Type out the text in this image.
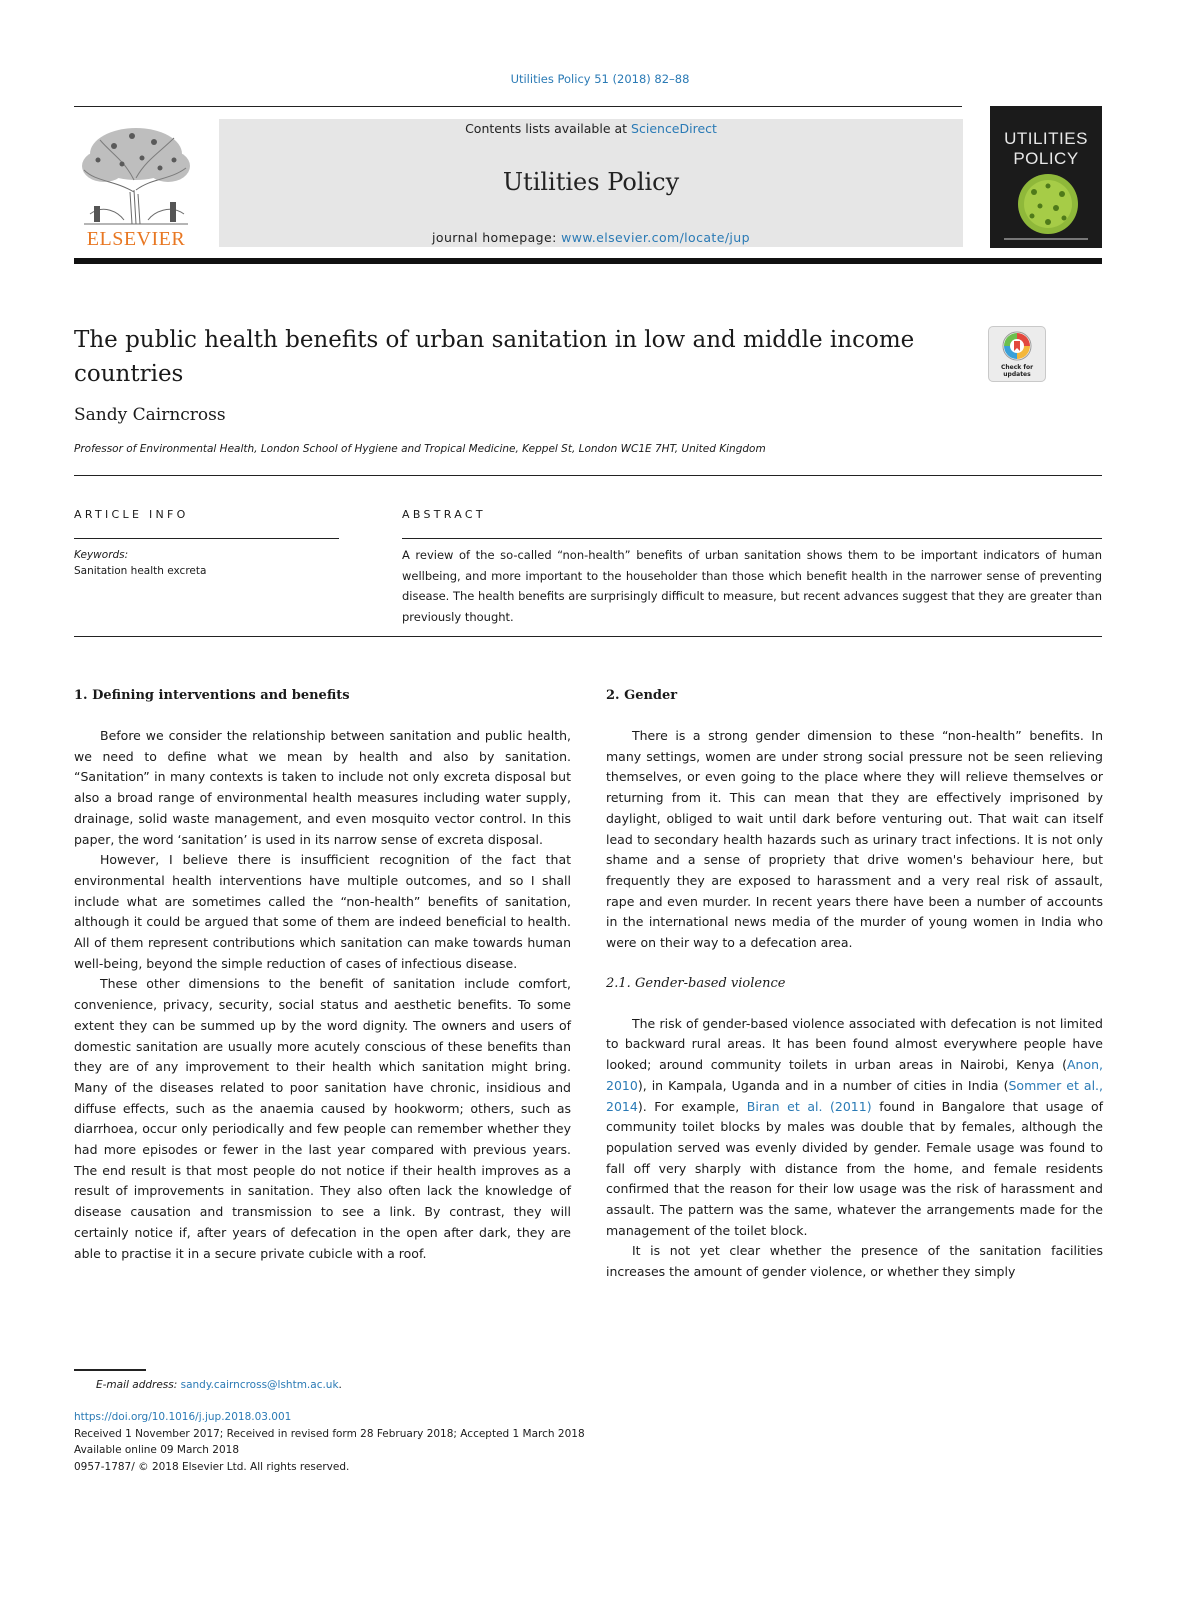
Utilities Policy 51 (2018) 82–88
ELSEVIER
Contents lists available at ScienceDirect
Utilities Policy
journal homepage: www.elsevier.com/locate/jup
UTILITIES
POLICY
The public health benefits of urban sanitation in low and middle income countries	Check for
updates
Sandy Cairncross
Professor of Environmental Health, London School of Hygiene and Tropical Medicine, Keppel St, London WC1E 7HT, United Kingdom
ARTICLE INFO
Keywords:
Sanitation health excreta
ABSTRACT
A review of the so-called “non-health” benefits of urban sanitation shows them to be important indicators of human wellbeing, and more important to the householder than those which benefit health in the narrower sense of preventing disease. The health benefits are surprisingly difficult to measure, but recent advances suggest that they are greater than previously thought.
1. Defining interventions and benefits

Before we consider the relationship between sanitation and public health, we need to define what we mean by health and also by sanitation. “Sanitation” in many contexts is taken to include not only excreta disposal but also a broad range of environmental health measures including water supply, drainage, solid waste management, and even mosquito vector control. In this paper, the word ‘sanitation’ is used in its narrow sense of excreta disposal.

However, I believe there is insufficient recognition of the fact that environmental health interventions have multiple outcomes, and so I shall include what are sometimes called the “non-health” benefits of sanitation, although it could be argued that some of them are indeed beneficial to health. All of them represent contributions which sanitation can make towards human well-being, beyond the simple reduction of cases of infectious disease.

These other dimensions to the benefit of sanitation include comfort, convenience, privacy, security, social status and aesthetic benefits. To some extent they can be summed up by the word dignity. The owners and users of domestic sanitation are usually more acutely conscious of these benefits than they are of any improvement to their health which sanitation might bring. Many of the diseases related to poor sanitation have chronic, insidious and diffuse effects, such as the anaemia caused by hookworm; others, such as diarrhoea, occur only periodically and few people can remember whether they had more episodes or fewer in the last year compared with previous years. The end result is that most people do not notice if their health improves as a result of improvements in sanitation. They also often lack the knowledge of disease causation and transmission to see a link. By contrast, they will certainly notice if, after years of defecation in the open after dark, they are able to practise it in a secure private cubicle with a roof.

2. Gender

There is a strong gender dimension to these “non-health” benefits. In many settings, women are under strong social pressure not be seen relieving themselves, or even going to the place where they will relieve themselves or returning from it. This can mean that they are effectively imprisoned by daylight, obliged to wait until dark before venturing out. That wait can itself lead to secondary health hazards such as urinary tract infections. It is not only shame and a sense of propriety that drive women's behaviour here, but frequently they are exposed to harassment and a very real risk of assault, rape and even murder. In recent years there have been a number of accounts in the international news media of the murder of young women in India who were on their way to a defecation area.

2.1. Gender-based violence

The risk of gender-based violence associated with defecation is not limited to backward rural areas. It has been found almost everywhere people have looked; around community toilets in urban areas in Nairobi, Kenya (Anon, 2010), in Kampala, Uganda and in a number of cities in India (Sommer et al., 2014). For example, Biran et al. (2011) found in Bangalore that usage of community toilet blocks by males was double that by females, although the population served was evenly divided by gender. Female usage was found to fall off very sharply with distance from the home, and female residents confirmed that the reason for their low usage was the risk of harassment and assault. The pattern was the same, whatever the arrangements made for the management of the toilet block.

It is not yet clear whether the presence of the sanitation facilities increases the amount of gender violence, or whether they simply

E-mail address: sandy.cairncross@lshtm.ac.uk.
https://doi.org/10.1016/j.jup.2018.03.001
Received 1 November 2017; Received in revised form 28 February 2018; Accepted 1 March 2018
Available online 09 March 2018
0957-1787/ © 2018 Elsevier Ltd. All rights reserved.
